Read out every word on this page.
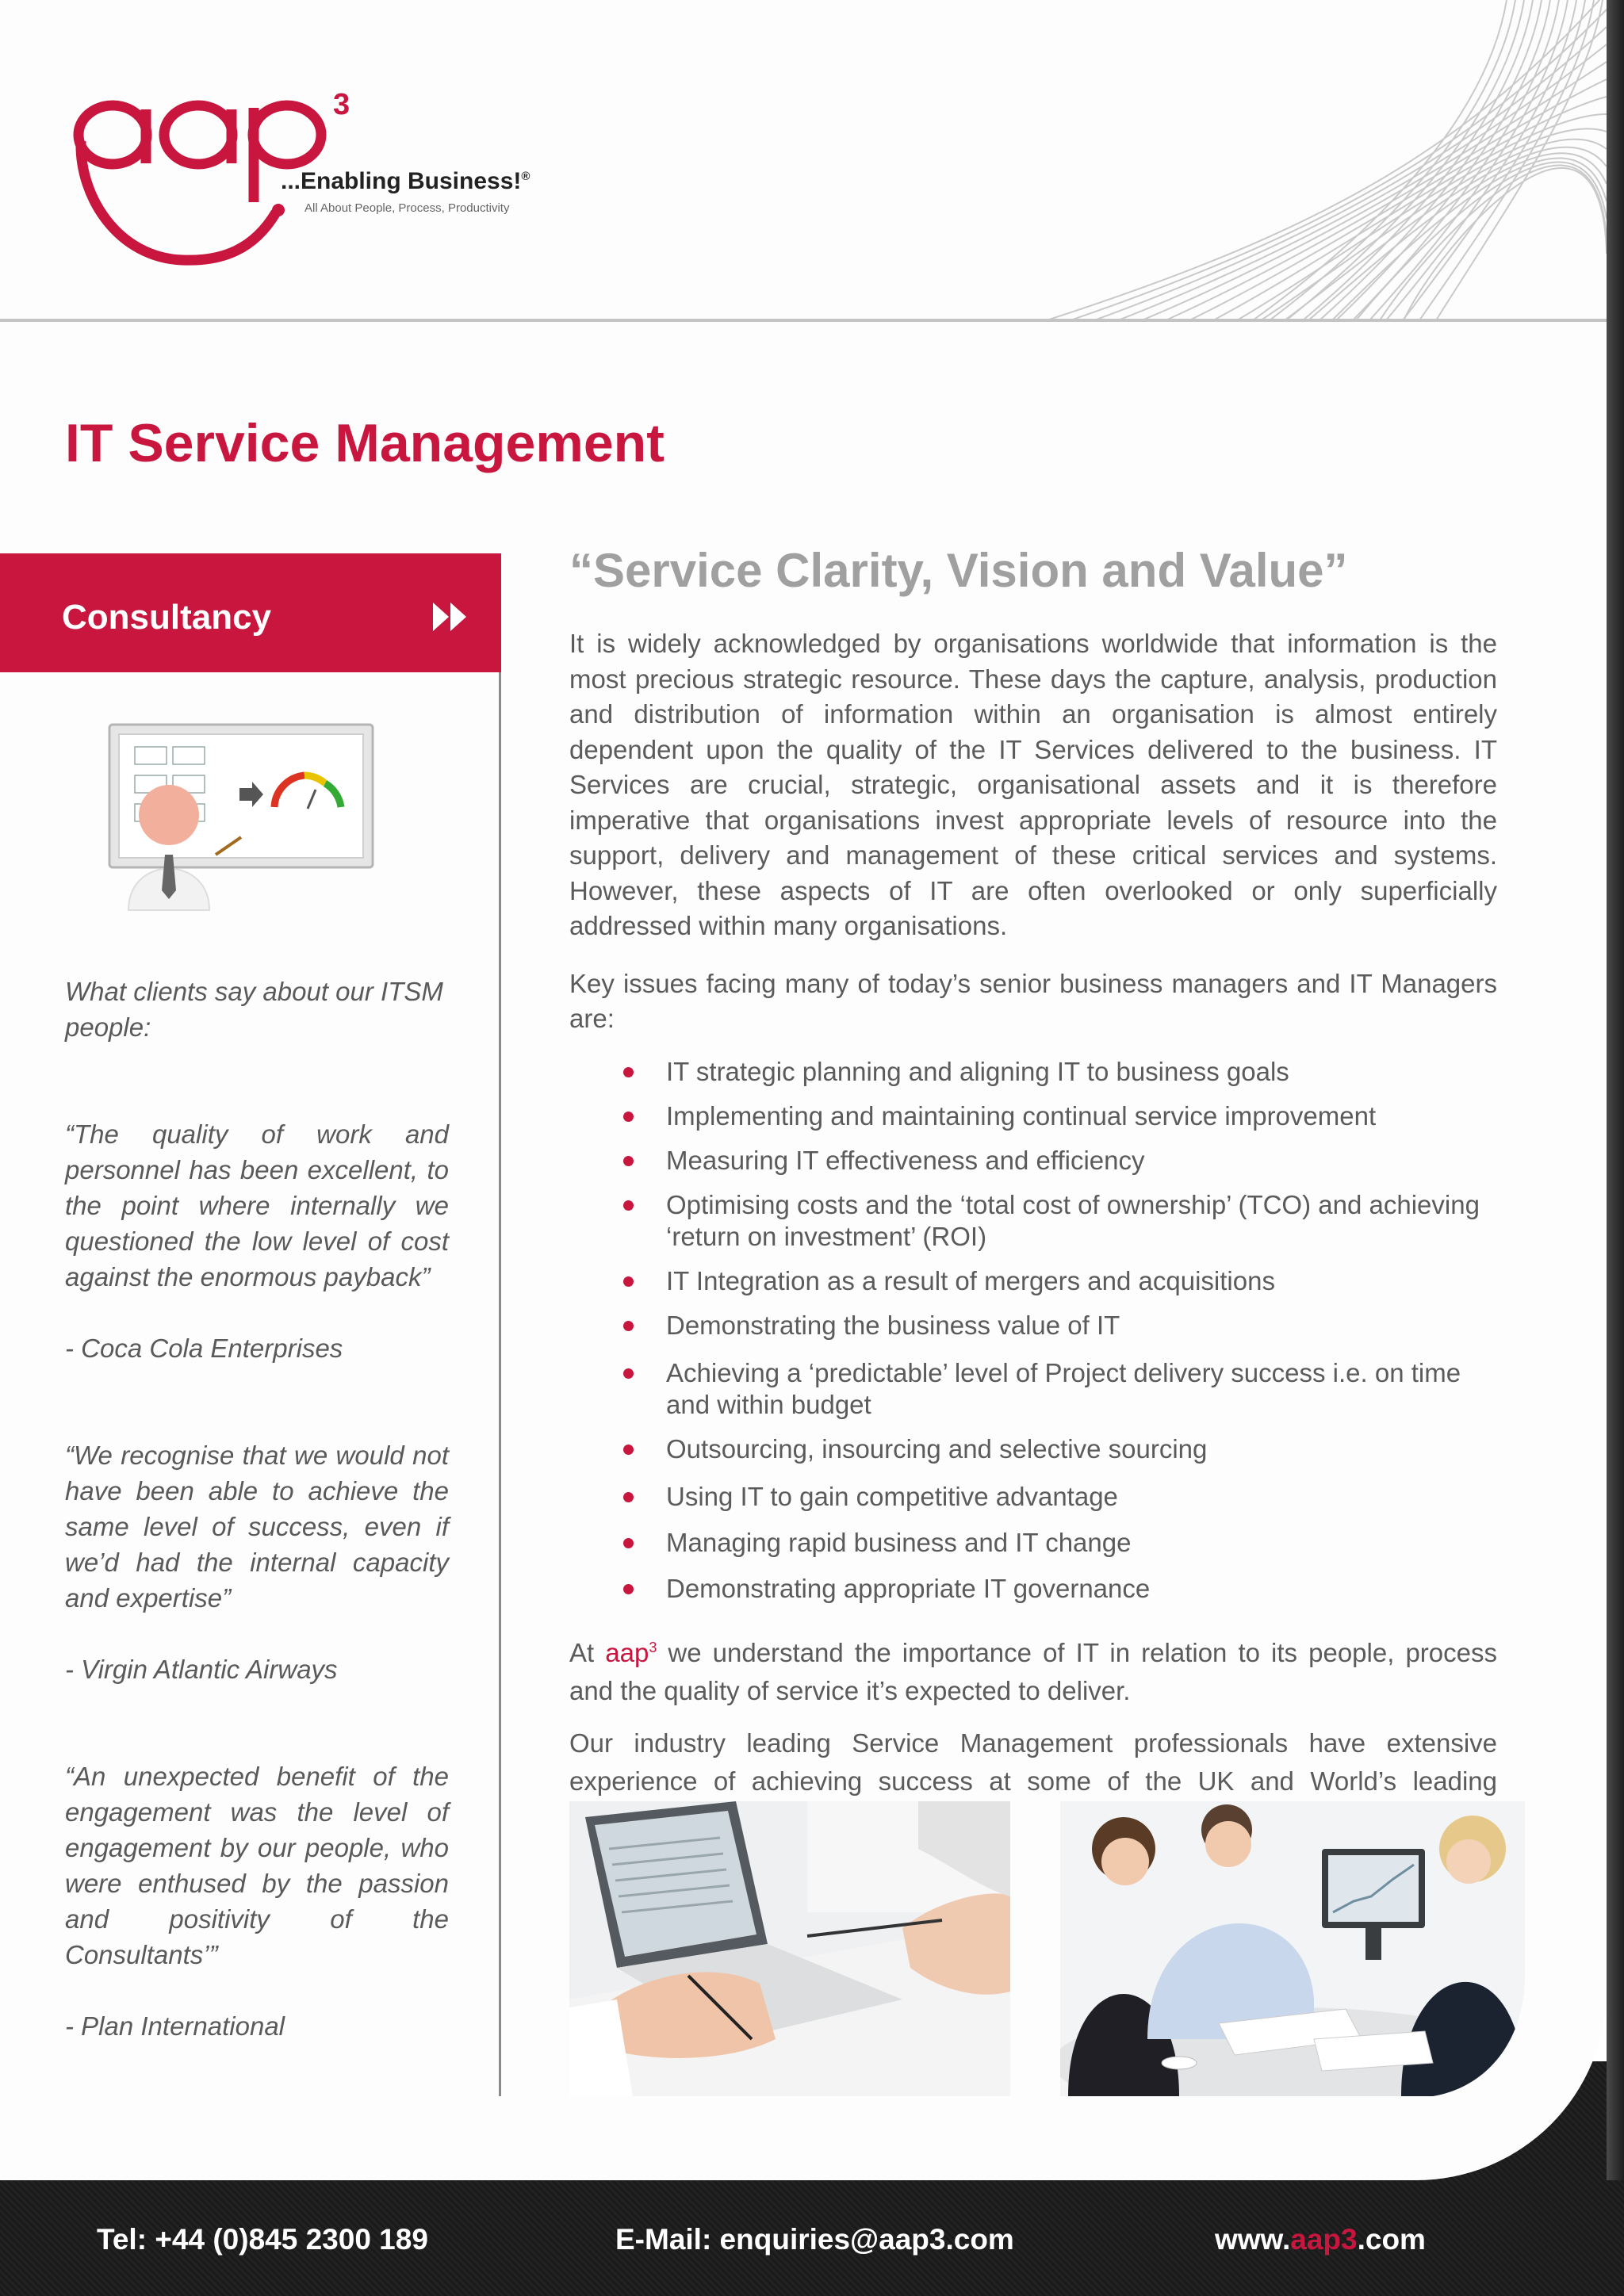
3
...Enabling Business!®
All About People, Process, Productivity
IT Service Management
Consultancy

What clients say about our ITSM people:

“The quality of work and personnel has been excellent, to the point where internally we questioned the low level of cost against the enormous payback”

- Coca Cola Enterprises

“We recognise that we would not have been able to achieve the same level of success, even if we’d had the internal capacity and expertise”

- Virgin Atlantic Airways

“An unexpected benefit of the engagement was the level of engagement by our people, who were enthused by the passion and positivity of the Consultants’”

- Plan International

“Service Clarity, Vision and Value”

It is widely acknowledged by organisations worldwide that information is the most precious strategic resource. These days the capture, analysis, production and distribution of information within an organisation is almost entirely dependent upon the quality of the IT Services delivered to the business. IT Services are crucial, strategic, organisational assets and it is therefore imperative that organisations invest appropriate levels of resource into the support, delivery and management of these critical services and systems. However, these aspects of IT are often overlooked or only superficially addressed within many organisations.

Key issues facing many of today’s senior business managers and IT Managers are:

IT strategic planning and aligning IT to business goals
Implementing and maintaining continual service improvement
Measuring IT effectiveness and efficiency
Optimising costs and the ‘total cost of ownership’ (TCO) and achieving ‘return on investment’ (ROI)
IT Integration as a result of mergers and acquisitions
Demonstrating the business value of IT
Achieving a ‘predictable’ level of Project delivery success i.e. on time and within budget
Outsourcing, insourcing and selective sourcing
Using IT to gain competitive advantage
Managing rapid business and IT change
Demonstrating appropriate IT governance

At aap$^3$ we understand the importance of IT in relation to its people, process and the quality of service it’s expected to deliver.

Our industry leading Service Management professionals have extensive experience of achieving success at some of the UK and World’s leading

Tel: +44 (0)845 2300 189	E-Mail: enquiries@aap3.com	www.aap3.com
